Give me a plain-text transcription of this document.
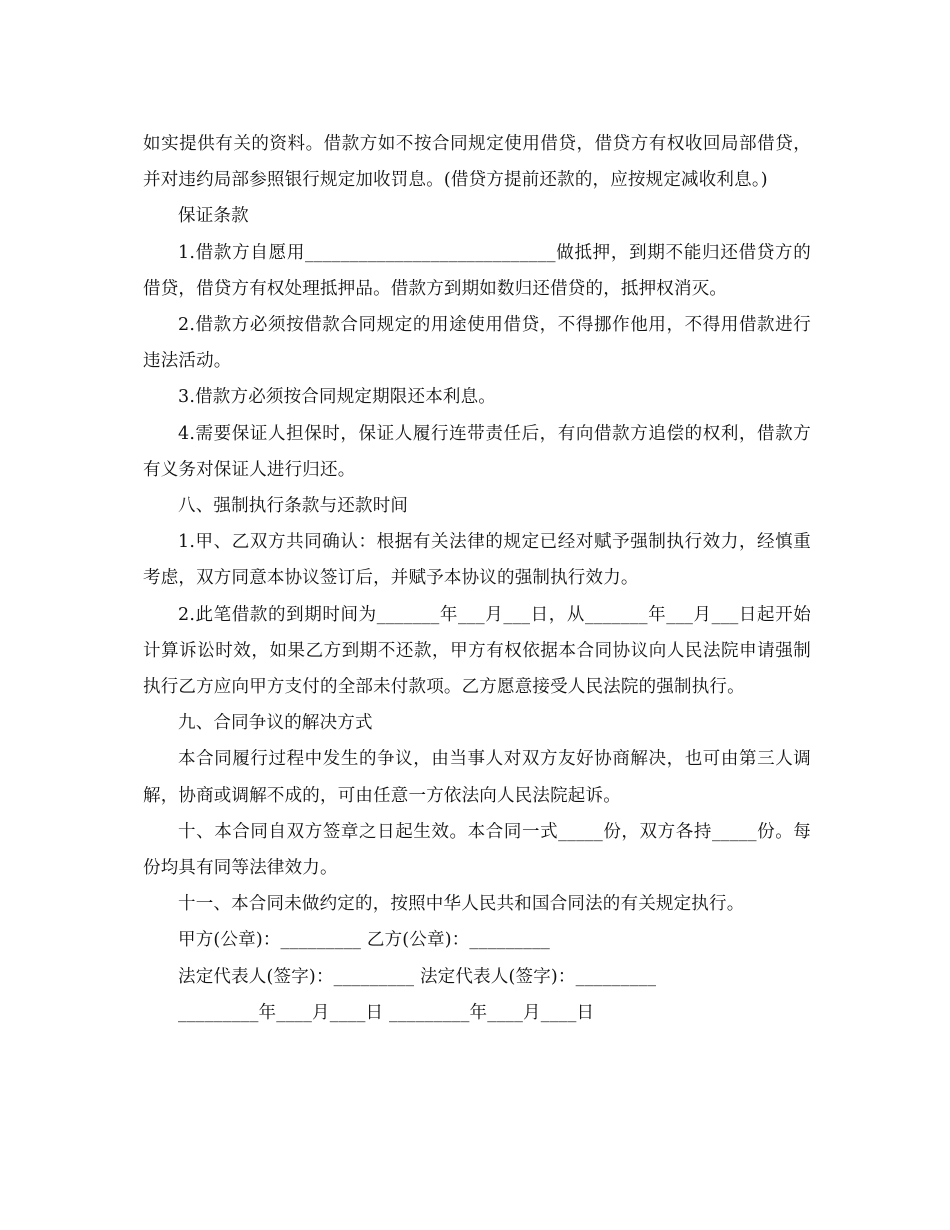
如实提供有关的资料。借款方如不按合同规定使用借贷，借贷方有权收回局部借贷，并对违约局部参照银行规定加收罚息。(借贷方提前还款的，应按规定减收利息。)

保证条款

1.借款方自愿用____________________________做抵押，到期不能归还借贷方的借贷，借贷方有权处理抵押品。借款方到期如数归还借贷的，抵押权消灭。

2.借款方必须按借款合同规定的用途使用借贷，不得挪作他用，不得用借款进行违法活动。

3.借款方必须按合同规定期限还本利息。

4.需要保证人担保时，保证人履行连带责任后，有向借款方追偿的权利，借款方有义务对保证人进行归还。

八、强制执行条款与还款时间

1.甲、乙双方共同确认：根据有关法律的规定已经对赋予强制执行效力，经慎重考虑，双方同意本协议签订后，并赋予本协议的强制执行效力。

2.此笔借款的到期时间为_______年___月___日，从_______年___月___日起开始计算诉讼时效，如果乙方到期不还款，甲方有权依据本合同协议向人民法院申请强制执行乙方应向甲方支付的全部未付款项。乙方愿意接受人民法院的强制执行。

九、合同争议的解决方式

本合同履行过程中发生的争议，由当事人对双方友好协商解决，也可由第三人调解，协商或调解不成的，可由任意一方依法向人民法院起诉。

十、本合同自双方签章之日起生效。本合同一式_____份，双方各持_____份。每份均具有同等法律效力。

十一、本合同未做约定的，按照中华人民共和国合同法的有关规定执行。

甲方(公章)：_________ 乙方(公章)：_________

法定代表人(签字)：_________ 法定代表人(签字)：_________

_________年____月____日 _________年____月____日
